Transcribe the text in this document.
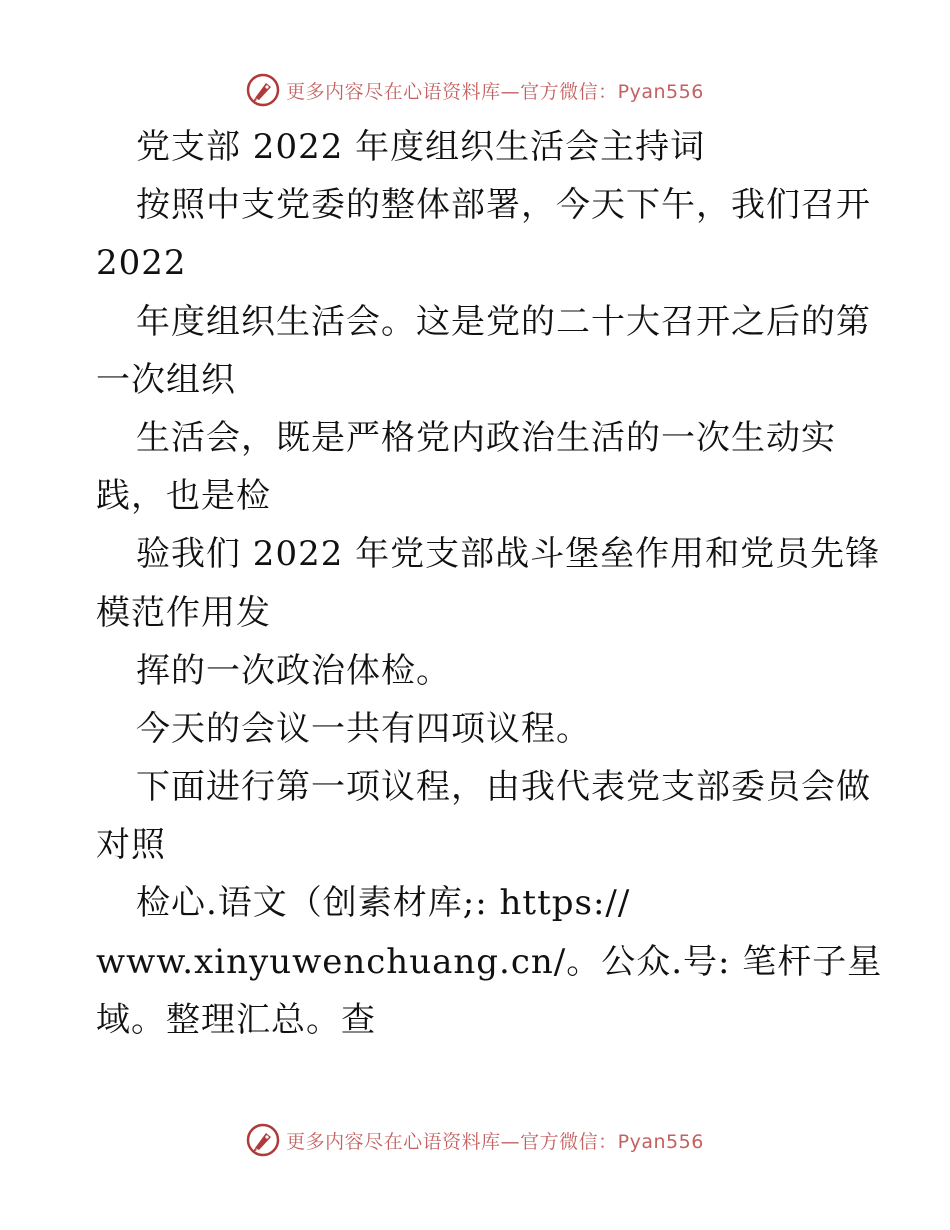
更多内容尽在心语资料库—官方微信：Pyan556
党支部 2022 年度组织生活会主持词
按照中支党委的整体部署，今天下午，我们召开
2022
年度组织生活会。这是党的二十大召开之后的第
一次组织
生活会，既是严格党内政治生活的一次生动实
践，也是检
验我们 2022 年党支部战斗堡垒作用和党员先锋
模范作用发
挥的一次政治体检。
今天的会议一共有四项议程。
下面进行第一项议程，由我代表党支部委员会做
对照
检心.语文（创素材库;: https://
www.xinyuwenchuang.cn/。公众.号: 笔杆子星
域。整理汇总。查
更多内容尽在心语资料库—官方微信：Pyan556
